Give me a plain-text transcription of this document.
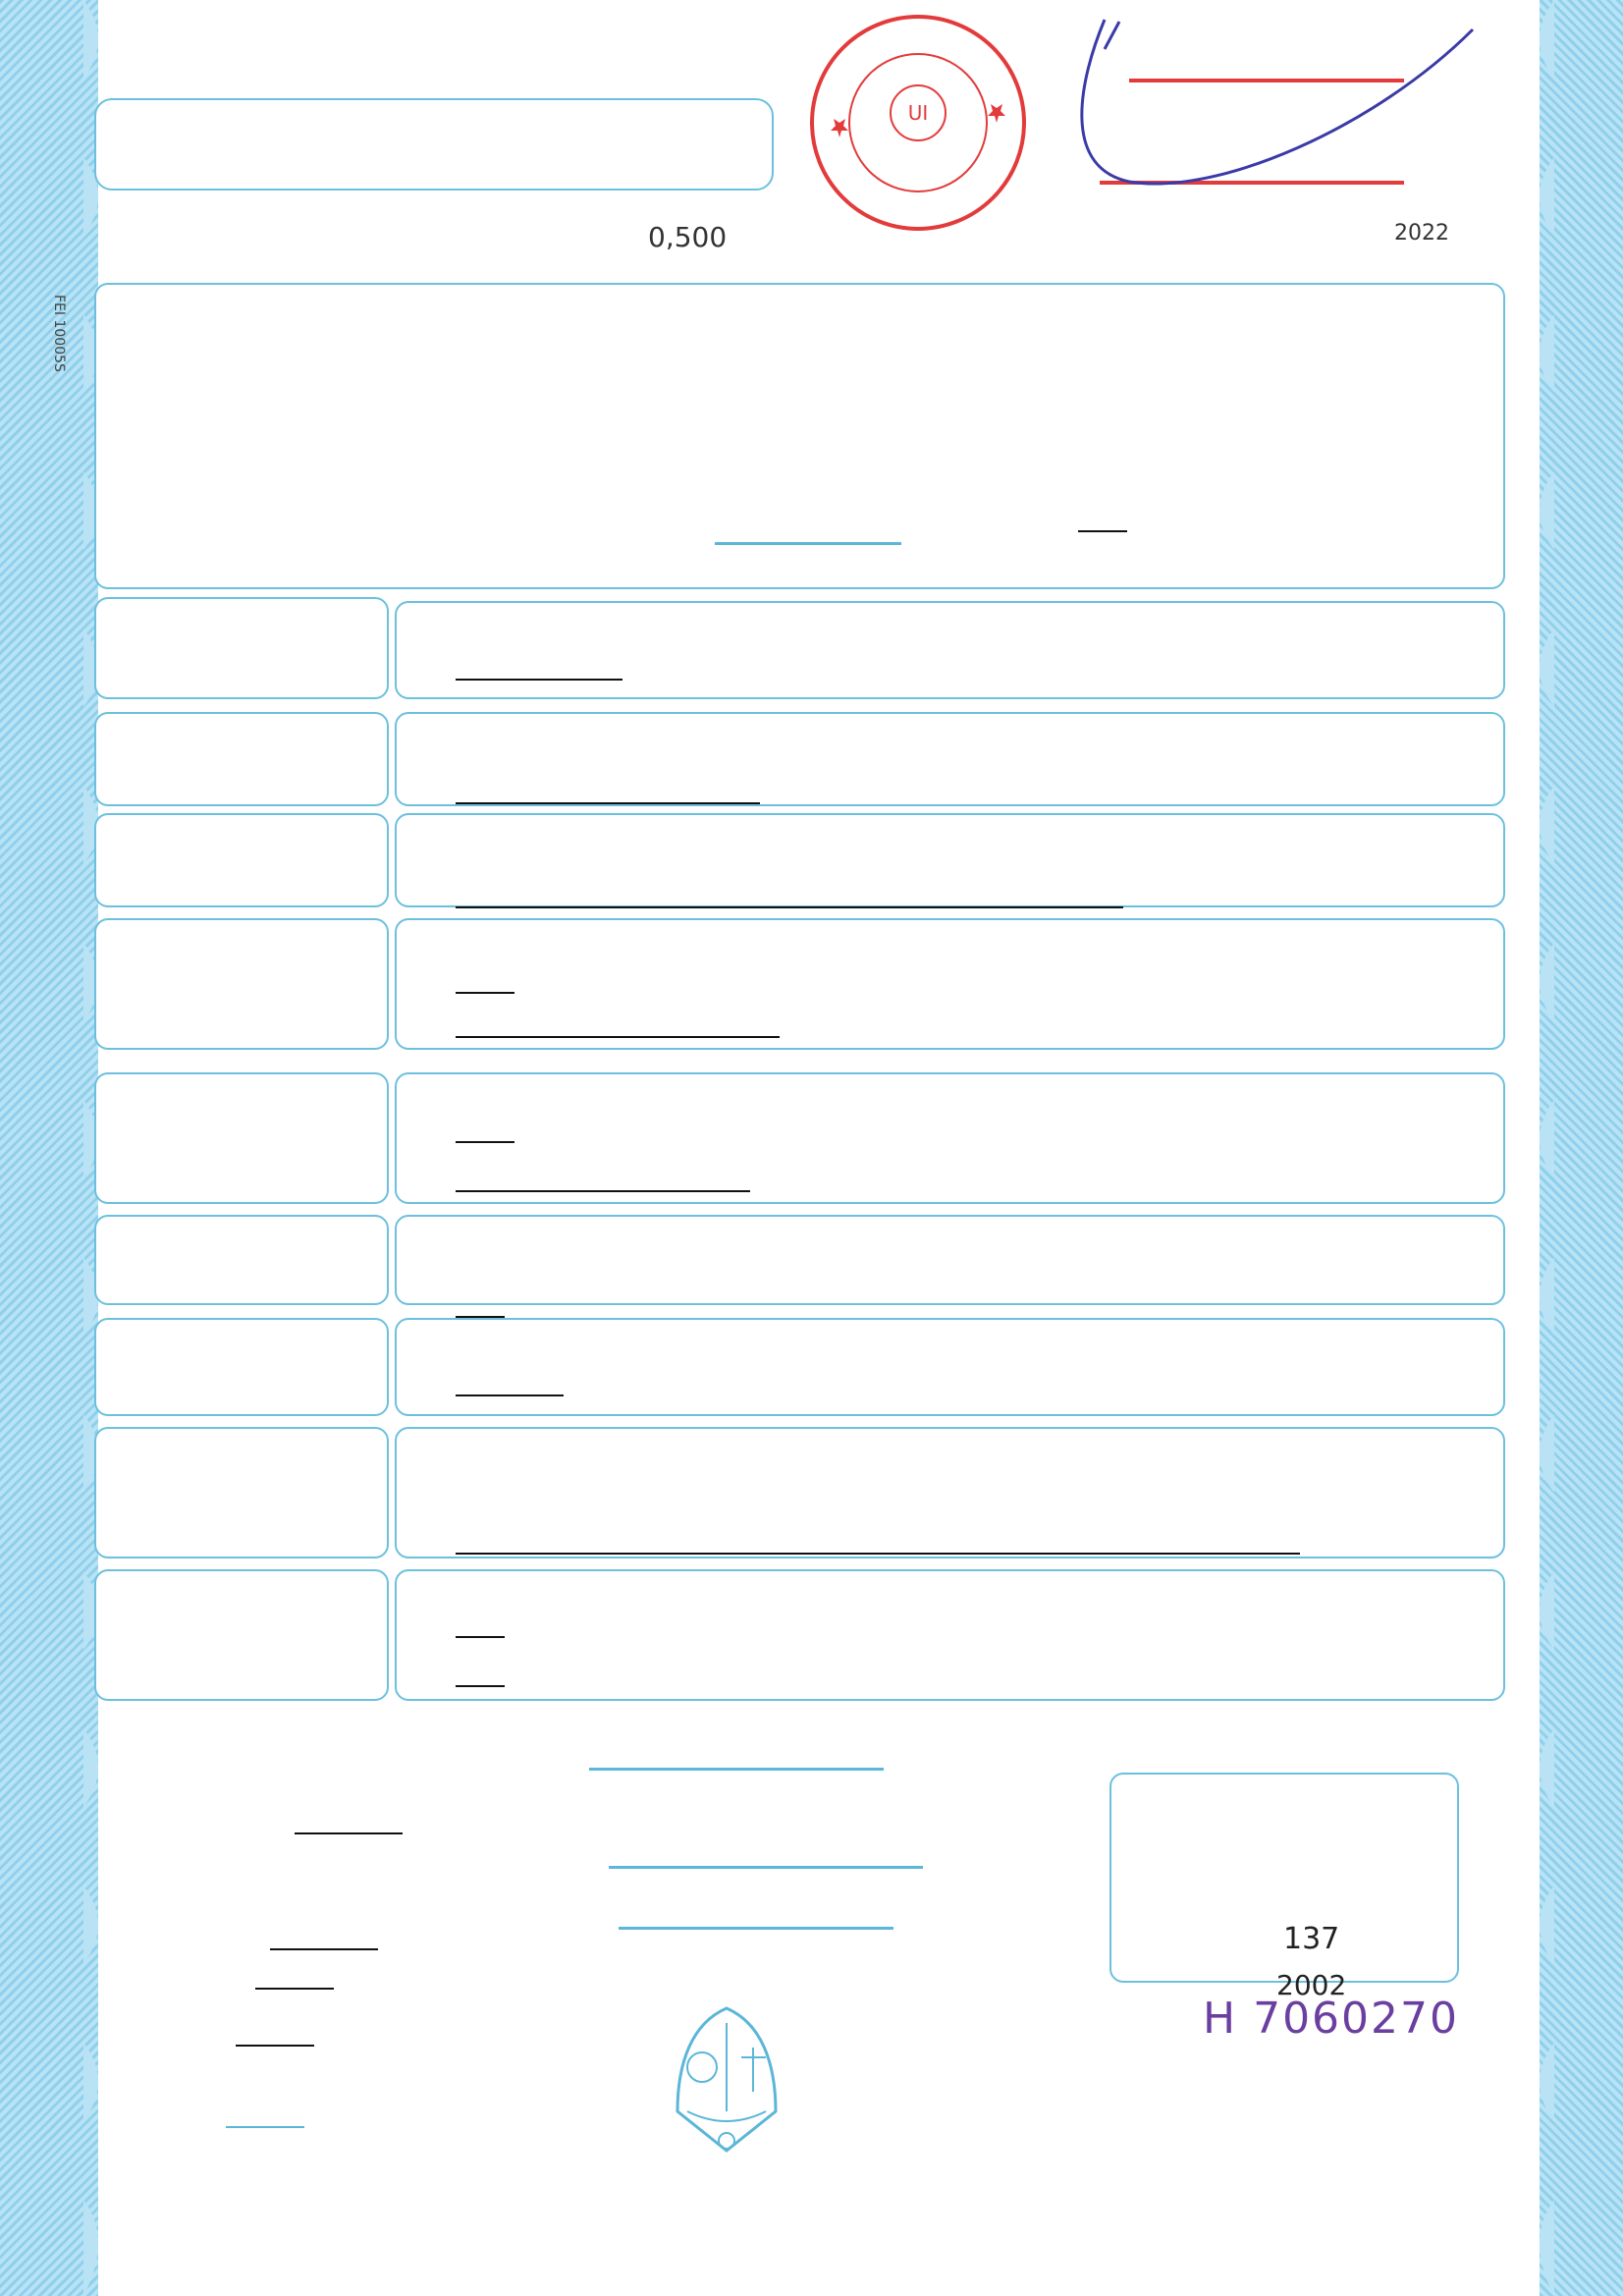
UI
0,500	2022
FEI 10005S
137
2002
H 7060270
